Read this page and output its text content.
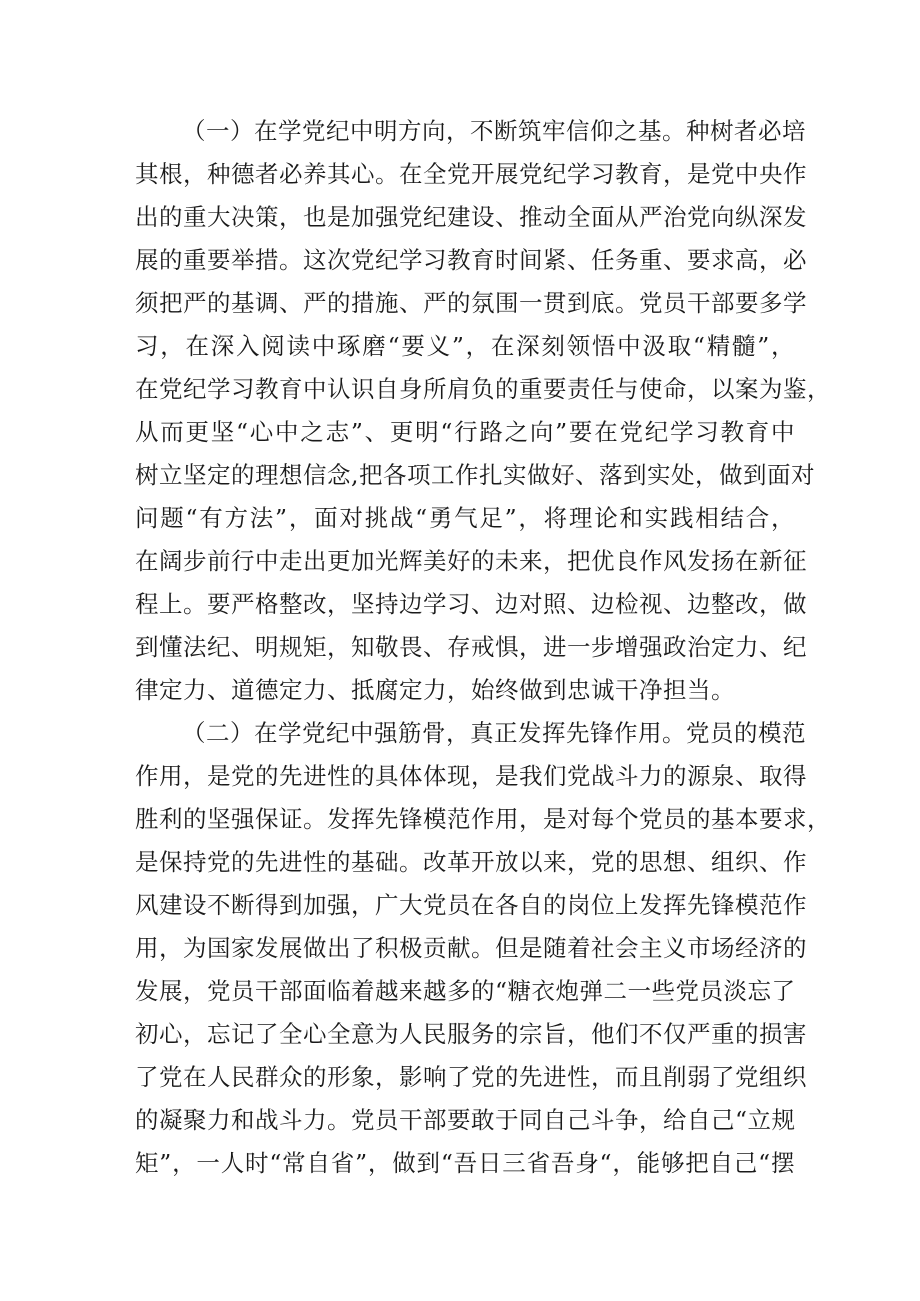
（一）在学党纪中明方向，不断筑牢信仰之基。种树者必培
其根，种德者必养其心。在全党开展党纪学习教育，是党中央作
出的重大决策，也是加强党纪建设、推动全面从严治党向纵深发
展的重要举措。这次党纪学习教育时间紧、任务重、要求高，必
须把严的基调、严的措施、严的氛围一贯到底。党员干部要多学
习，在深入阅读中琢磨“要义”，在深刻领悟中汲取“精髓”，
在党纪学习教育中认识自身所肩负的重要责任与使命，以案为鉴，
从而更坚“心中之志”、更明“行路之向”要在党纪学习教育中
树立坚定的理想信念,把各项工作扎实做好、落到实处，做到面对
问题“有方法”，面对挑战“勇气足”，将理论和实践相结合，
在阔步前行中走出更加光辉美好的未来，把优良作风发扬在新征
程上。要严格整改，坚持边学习、边对照、边检视、边整改，做
到懂法纪、明规矩，知敬畏、存戒惧，进一步增强政治定力、纪
律定力、道德定力、抵腐定力，始终做到忠诚干净担当。
（二）在学党纪中强筋骨，真正发挥先锋作用。党员的模范
作用，是党的先进性的具体体现，是我们党战斗力的源泉、取得
胜利的坚强保证。发挥先锋模范作用，是对每个党员的基本要求，
是保持党的先进性的基础。改革开放以来，党的思想、组织、作
风建设不断得到加强，广大党员在各自的岗位上发挥先锋模范作
用，为国家发展做出了积极贡献。但是随着社会主义市场经济的
发展，党员干部面临着越来越多的“糖衣炮弹二一些党员淡忘了
初心，忘记了全心全意为人民服务的宗旨，他们不仅严重的损害
了党在人民群众的形象，影响了党的先进性，而且削弱了党组织
的凝聚力和战斗力。党员干部要敢于同自己斗争，给自己“立规
矩”，一人时“常自省”，做到“吾日三省吾身“，能够把自己“摆
